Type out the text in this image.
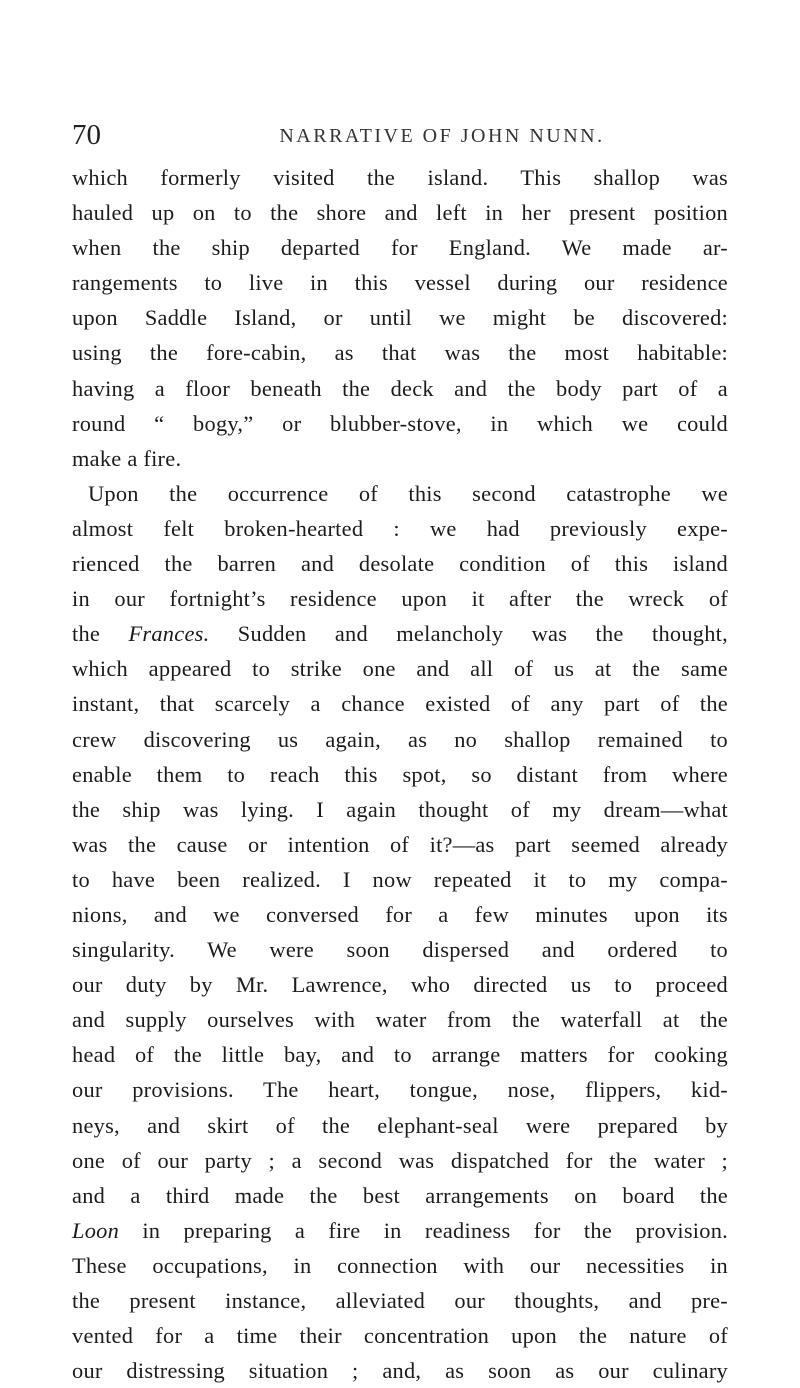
70	NARRATIVE OF JOHN NUNN.
which formerly visited the island. This shallop was
hauled up on to the shore and left in her present position
when the ship departed for England. We made ar-
rangements to live in this vessel during our residence
upon Saddle Island, or until we might be discovered:
using the fore-cabin, as that was the most habitable:
having a floor beneath the deck and the body part of a
round “ bogy,” or blubber-stove, in which we could
make a fire.
Upon the occurrence of this second catastrophe we
almost felt broken-hearted : we had previously expe-
rienced the barren and desolate condition of this island
in our fortnight’s residence upon it after the wreck of
the Frances. Sudden and melancholy was the thought,
which appeared to strike one and all of us at the same
instant, that scarcely a chance existed of any part of the
crew discovering us again, as no shallop remained to
enable them to reach this spot, so distant from where
the ship was lying. I again thought of my dream—what
was the cause or intention of it?—as part seemed already
to have been realized. I now repeated it to my compa-
nions, and we conversed for a few minutes upon its
singularity. We were soon dispersed and ordered to
our duty by Mr. Lawrence, who directed us to proceed
and supply ourselves with water from the waterfall at the
head of the little bay, and to arrange matters for cooking
our provisions. The heart, tongue, nose, flippers, kid-
neys, and skirt of the elephant-seal were prepared by
one of our party ; a second was dispatched for the water ;
and a third made the best arrangements on board the
Loon in preparing a fire in readiness for the provision.
These occupations, in connection with our necessities in
the present instance, alleviated our thoughts, and pre-
vented for a time their concentration upon the nature of
our distressing situation ; and, as soon as our culinary
